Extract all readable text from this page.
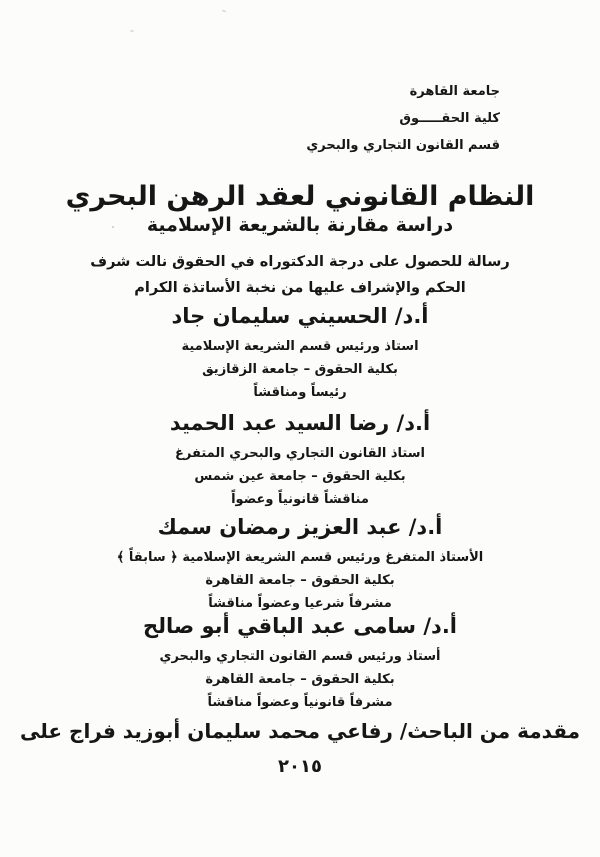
جامعة القاهرة
كلية الحقـــــوق
قسم القانون التجاري والبحري
النظام القانوني لعقد الرهن البحري
دراسة مقارنة بالشريعة الإسلامية
رسالة للحصول على درجة الدكتوراه في الحقوق نالت شرف
الحكم والإشراف عليها من نخبة الأساتذة الكرام
أ.د/ الحسيني سليمان جاد
استاذ ورئيس قسم الشريعة الإسلامية
بكلية الحقوق – جامعة الزقازيق
رئيساً ومناقشاً
أ.د/ رضا السيد عبد الحميد
استاذ القانون التجاري والبحري المتفرغ
بكلية الحقوق – جامعة عين شمس
مناقشاً قانونياً وعضواً
أ.د/ عبد العزيز رمضان سمك
الأستاذ المتفرغ ورئيس قسم الشريعة الإسلامية ﴿ سابقاً ﴾
بكلية الحقوق – جامعة القاهرة
مشرفاً شرعيا وعضواً مناقشاً
أ.د/ سامى عبد الباقي أبو صالح
أستاذ ورئيس قسم القانون التجاري والبحري
بكلية الحقوق – جامعة القاهرة
مشرفاً قانونياً وعضواً مناقشاً
مقدمة من الباحث/ رفاعي محمد سليمان أبوزيد فراج على
٢٠١٥
